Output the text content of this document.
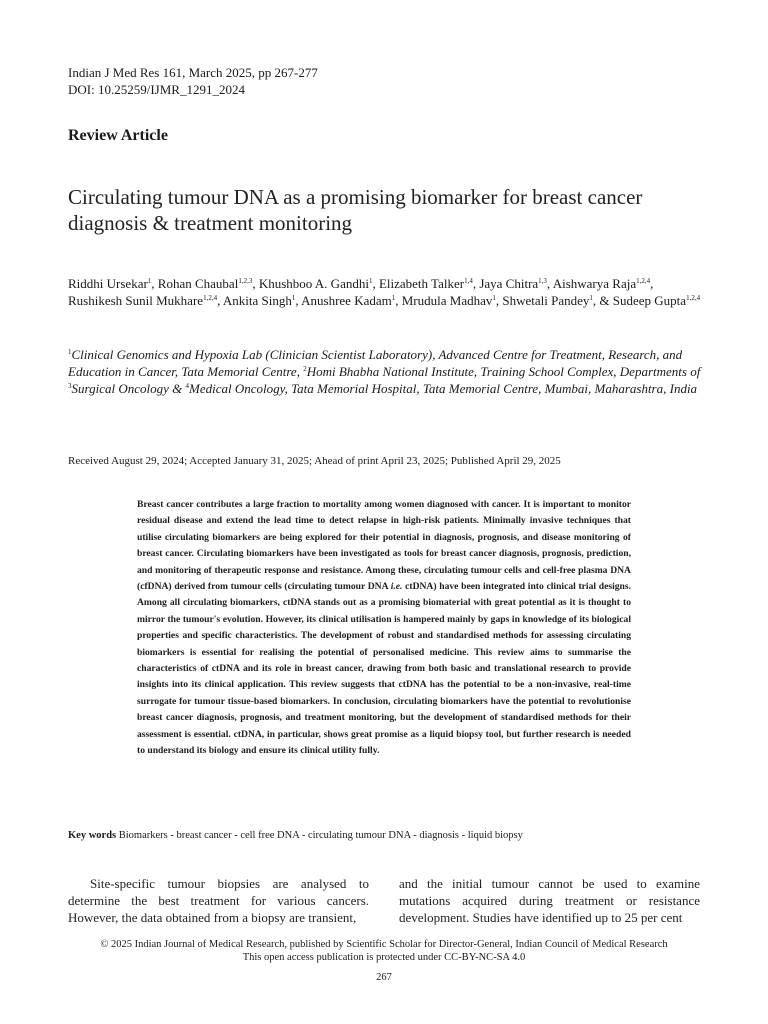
Indian J Med Res 161, March 2025, pp 267-277
DOI: 10.25259/IJMR_1291_2024
Review Article
Circulating tumour DNA as a promising biomarker for breast cancer diagnosis & treatment monitoring
Riddhi Ursekar$^1$, Rohan Chaubal$^{1,2,3}$, Khushboo A. Gandhi$^1$, Elizabeth Talker$^{1,4}$, Jaya Chitra$^{1,3}$, Aishwarya Raja$^{1,2,4}$, Rushikesh Sunil Mukhare$^{1,2,4}$, Ankita Singh$^1$, Anushree Kadam$^1$, Mrudula Madhav$^1$, Shwetali Pandey$^1$, & Sudeep Gupta$^{1,2,4}$
$^1$Clinical Genomics and Hypoxia Lab (Clinician Scientist Laboratory), Advanced Centre for Treatment, Research, and Education in Cancer, Tata Memorial Centre, $^2$Homi Bhabha National Institute, Training School Complex, Departments of $^3$Surgical Oncology & $^4$Medical Oncology, Tata Memorial Hospital, Tata Memorial Centre, Mumbai, Maharashtra, India
Received August 29, 2024; Accepted January 31, 2025; Ahead of print April 23, 2025; Published April 29, 2025
Breast cancer contributes a large fraction to mortality among women diagnosed with cancer. It is important to monitor residual disease and extend the lead time to detect relapse in high-risk patients. Minimally invasive techniques that utilise circulating biomarkers are being explored for their potential in diagnosis, prognosis, and disease monitoring of breast cancer. Circulating biomarkers have been investigated as tools for breast cancer diagnosis, prognosis, prediction, and monitoring of therapeutic response and resistance. Among these, circulating tumour cells and cell-free plasma DNA (cfDNA) derived from tumour cells (circulating tumour DNA i.e. ctDNA) have been integrated into clinical trial designs. Among all circulating biomarkers, ctDNA stands out as a promising biomaterial with great potential as it is thought to mirror the tumour's evolution. However, its clinical utilisation is hampered mainly by gaps in knowledge of its biological properties and specific characteristics. The development of robust and standardised methods for assessing circulating biomarkers is essential for realising the potential of personalised medicine. This review aims to summarise the characteristics of ctDNA and its role in breast cancer, drawing from both basic and translational research to provide insights into its clinical application. This review suggests that ctDNA has the potential to be a non-invasive, real-time surrogate for tumour tissue-based biomarkers. In conclusion, circulating biomarkers have the potential to revolutionise breast cancer diagnosis, prognosis, and treatment monitoring, but the development of standardised methods for their assessment is essential. ctDNA, in particular, shows great promise as a liquid biopsy tool, but further research is needed to understand its biology and ensure its clinical utility fully.
Key words Biomarkers - breast cancer - cell free DNA - circulating tumour DNA - diagnosis - liquid biopsy
Site-specific tumour biopsies are analysed to determine the best treatment for various cancers. However, the data obtained from a biopsy are transient,
and the initial tumour cannot be used to examine mutations acquired during treatment or resistance development. Studies have identified up to 25 per cent
© 2025 Indian Journal of Medical Research, published by Scientific Scholar for Director-General, Indian Council of Medical Research
This open access publication is protected under CC-BY-NC-SA 4.0
267
